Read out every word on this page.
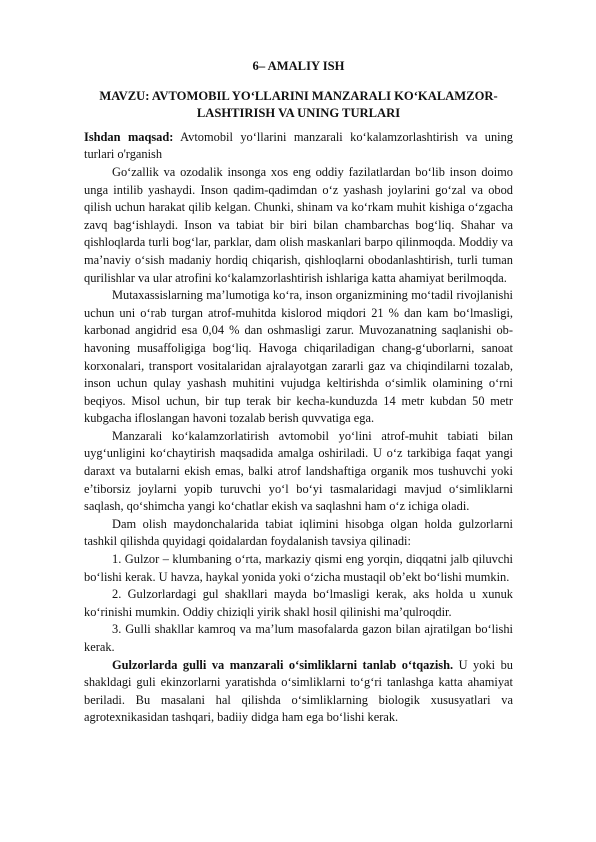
6– AMALIY ISH
MAVZU: AVTOMOBIL YO‘LLARINI MANZARALI KO‘KALAMZOR-LASHTIRISH VA UNING TURLARI

Ishdan maqsad: Avtomobil yo‘llarini manzarali ko‘kalamzorlashtirish va uning turlari o'rganish

Go‘zallik va ozodalik insonga xos eng oddiy fazilatlardan bo‘lib inson doimo unga intilib yashaydi. Inson qadim-qadimdan o‘z yashash joylarini go‘zal va obod qilish uchun harakat qilib kelgan. Chunki, shinam va ko‘rkam muhit kishiga o‘zgacha zavq bag‘ishlaydi. Inson va tabiat bir biri bilan chambarchas bog‘liq. Shahar va qishloqlarda turli bog‘lar, parklar, dam olish maskanlari barpo qilinmoqda. Moddiy va ma’naviy o‘sish madaniy hordiq chiqarish, qishloqlarni obodanlashtirish, turli tuman qurilishlar va ular atrofini ko‘kalamzorlashtirish ishlariga katta ahamiyat berilmoqda.

Mutaxassislarning ma’lumotiga ko‘ra, inson organizmining mo‘tadil rivojlanishi uchun uni o‘rab turgan atrof-muhitda kislorod miqdori 21 % dan kam bo‘lmasligi, karbonad angidrid esa 0,04 % dan oshmasligi zarur. Muvozanatning saqlanishi ob-havoning musaffoligiga bog‘liq. Havoga chiqariladigan chang-g‘uborlarni, sanoat korxonalari, transport vositalaridan ajralayotgan zararli gaz va chiqindilarni tozalab, inson uchun qulay yashash muhitini vujudga keltirishda o‘simlik olamining o‘rni beqiyos. Misol uchun, bir tup terak bir kecha-kunduzda 14 metr kubdan 50 metr kubgacha ifloslangan havoni tozalab berish quvvatiga ega.

Manzarali ko‘kalamzorlatirish avtomobil yo‘lini atrof-muhit tabiati bilan uyg‘unligini ko‘chaytirish maqsadida amalga oshiriladi. U o‘z tarkibiga faqat yangi daraxt va butalarni ekish emas, balki atrof landshaftiga organik mos tushuvchi yoki e’tiborsiz joylarni yopib turuvchi yo‘l bo‘yi tasmalaridagi mavjud o‘simliklarni saqlash, qo‘shimcha yangi ko‘chatlar ekish va saqlashni ham o‘z ichiga oladi.

Dam olish maydonchalarida tabiat iqlimini hisobga olgan holda gulzorlarni tashkil qilishda quyidagi qoidalardan foydalanish tavsiya qilinadi:

1. Gulzor – klumbaning o‘rta, markaziy qismi eng yorqin, diqqatni jalb qiluvchi bo‘lishi kerak. U havza, haykal yonida yoki o‘zicha mustaqil ob’ekt bo‘lishi mumkin.

2. Gulzorlardagi gul shakllari mayda bo‘lmasligi kerak, aks holda u xunuk ko‘rinishi mumkin. Oddiy chiziqli yirik shakl hosil qilinishi ma’qulroqdir.

3. Gulli shakllar kamroq va ma’lum masofalarda gazon bilan ajratilgan bo‘lishi kerak.

Gulzorlarda gulli va manzarali o‘simliklarni tanlab o‘tqazish. U yoki bu shakldagi guli ekinzorlarni yaratishda o‘simliklarni to‘g‘ri tanlashga katta ahamiyat beriladi. Bu masalani hal qilishda o‘simliklarning biologik xususyatlari va agrotexnikasidan tashqari, badiiy didga ham ega bo‘lishi kerak.
